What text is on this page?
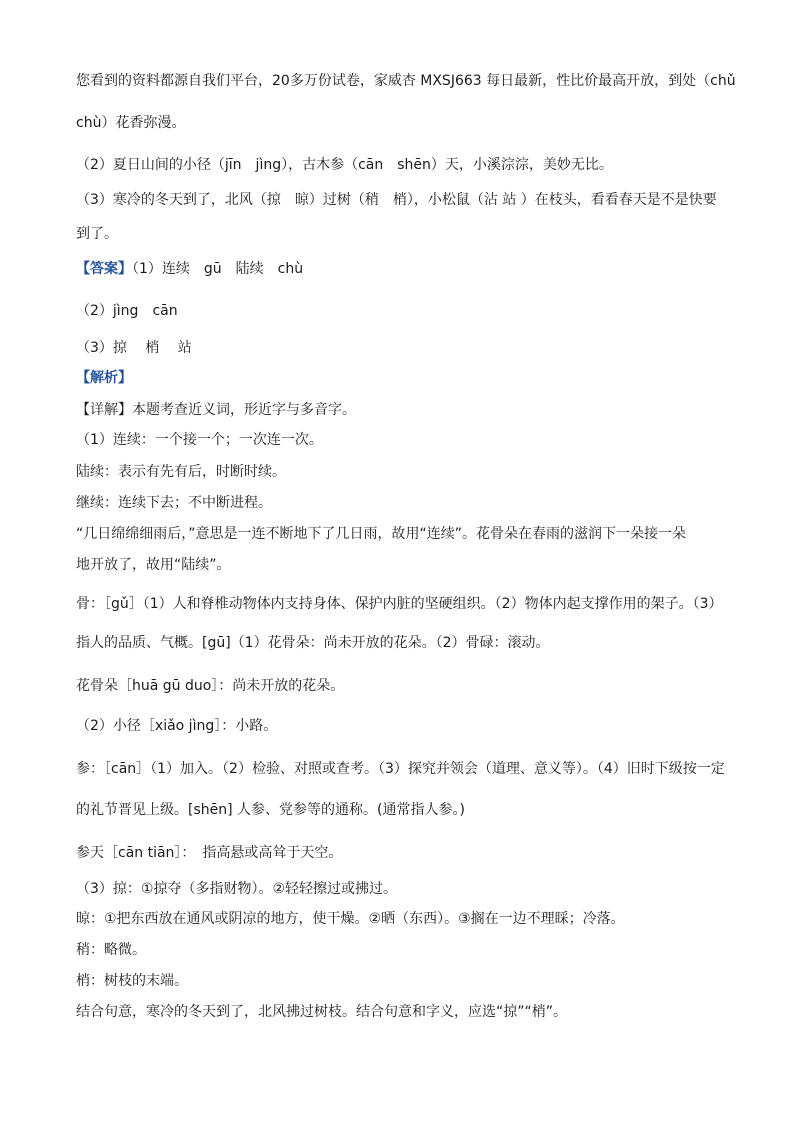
您看到的资料都源自我们平台，20多万份试卷，家威杏 MXSJ663 每日最新，性比价最高开放，到处（chǔ
chù）花香弥漫。
（2）夏日山间的小径（jīn　jìng），古木参（cān　shēn）天，小溪淙淙，美妙无比。
（3）寒冷的冬天到了，北风（掠　晾）过树（稍　梢），小松鼠（沾 站 ）在枝头，看看春天是不是快要
到了。
【答案】（1）连续　gū　陆续　chù
（2）jìng　cān
（3）掠　 梢　 站
【解析】
【详解】本题考查近义词，形近字与多音字。
（1）连续：一个接一个；一次连一次。
陆续：表示有先有后，时断时续。
继续：连续下去；不中断进程。
“几日绵绵细雨后，”意思是一连不断地下了几日雨，故用“连续”。花骨朵在春雨的滋润下一朵接一朵
地开放了，故用“陆续”。
骨：［gǔ］（1）人和脊椎动物体内支持身体、保护内脏的坚硬组织。（2）物体内起支撑作用的架子。（3）
指人的品质、气概。[gū]（1）花骨朵：尚未开放的花朵。（2）骨碌：滚动。
花骨朵［huā gū duo］：尚未开放的花朵。
（2）小径［xiǎo jìng］：小路。
参：［cān］（1）加入。（2）检验、对照或查考。（3）探究并领会（道理、意义等）。（4）旧时下级按一定
的礼节晋见上级。[shēn] 人参、党参等的通称。(通常指人参。)
参天［cān tiān］：　指高悬或高耸于天空。
（3）掠：①掠夺（多指财物）。②轻轻擦过或拂过。
晾：①把东西放在通风或阴凉的地方，使干燥。②晒（东西）。③搁在一边不理睬；冷落。
稍：略微。
梢：树枝的末端。
结合句意，寒冷的冬天到了，北风拂过树枝。结合句意和字义，应选“掠”“梢”。
